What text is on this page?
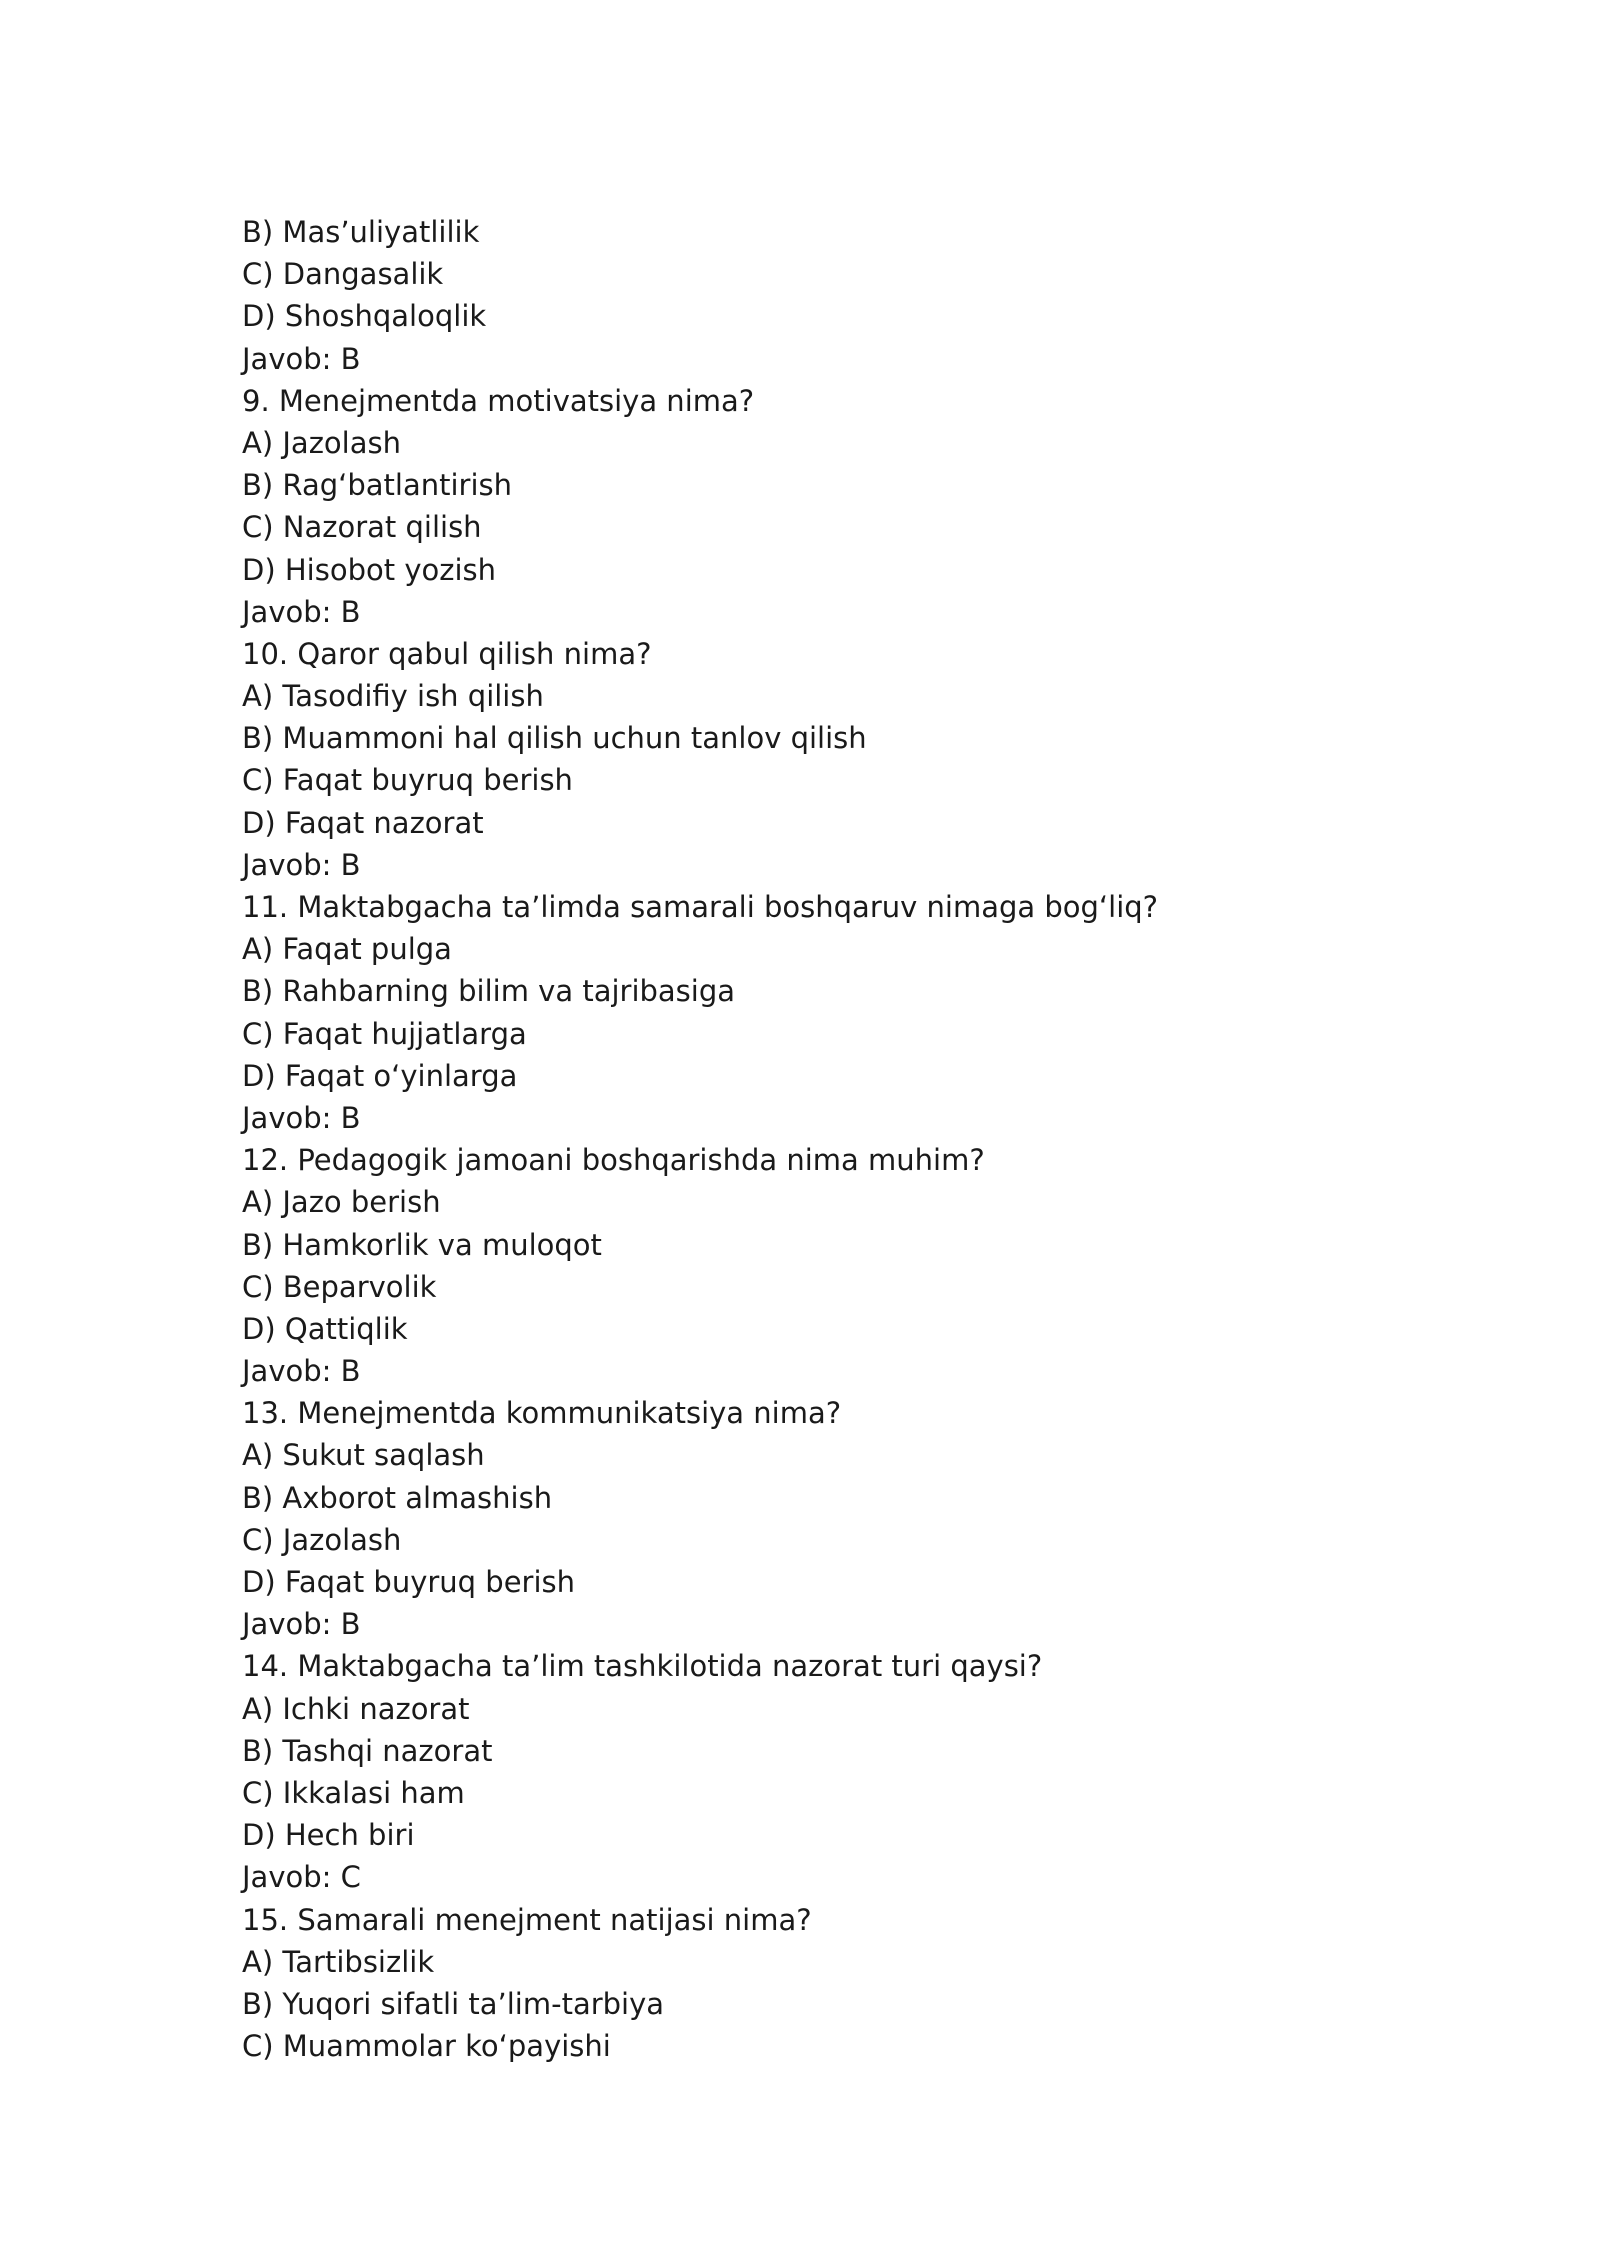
B) Mas’uliyatlilik
C) Dangasalik
D) Shoshqaloqlik
Javob: B
9. Menejmentda motivatsiya nima?
A) Jazolash
B) Rag‘batlantirish
C) Nazorat qilish
D) Hisobot yozish
Javob: B
10. Qaror qabul qilish nima?
A) Tasodifiy ish qilish
B) Muammoni hal qilish uchun tanlov qilish
C) Faqat buyruq berish
D) Faqat nazorat
Javob: B
11. Maktabgacha ta’limda samarali boshqaruv nimaga bog‘liq?
A) Faqat pulga
B) Rahbarning bilim va tajribasiga
C) Faqat hujjatlarga
D) Faqat o‘yinlarga
Javob: B
12. Pedagogik jamoani boshqarishda nima muhim?
A) Jazo berish
B) Hamkorlik va muloqot
C) Beparvolik
D) Qattiqlik
Javob: B
13. Menejmentda kommunikatsiya nima?
A) Sukut saqlash
B) Axborot almashish
C) Jazolash
D) Faqat buyruq berish
Javob: B
14. Maktabgacha ta’lim tashkilotida nazorat turi qaysi?
A) Ichki nazorat
B) Tashqi nazorat
C) Ikkalasi ham
D) Hech biri
Javob: C
15. Samarali menejment natijasi nima?
A) Tartibsizlik
B) Yuqori sifatli ta’lim-tarbiya
C) Muammolar ko‘payishi
